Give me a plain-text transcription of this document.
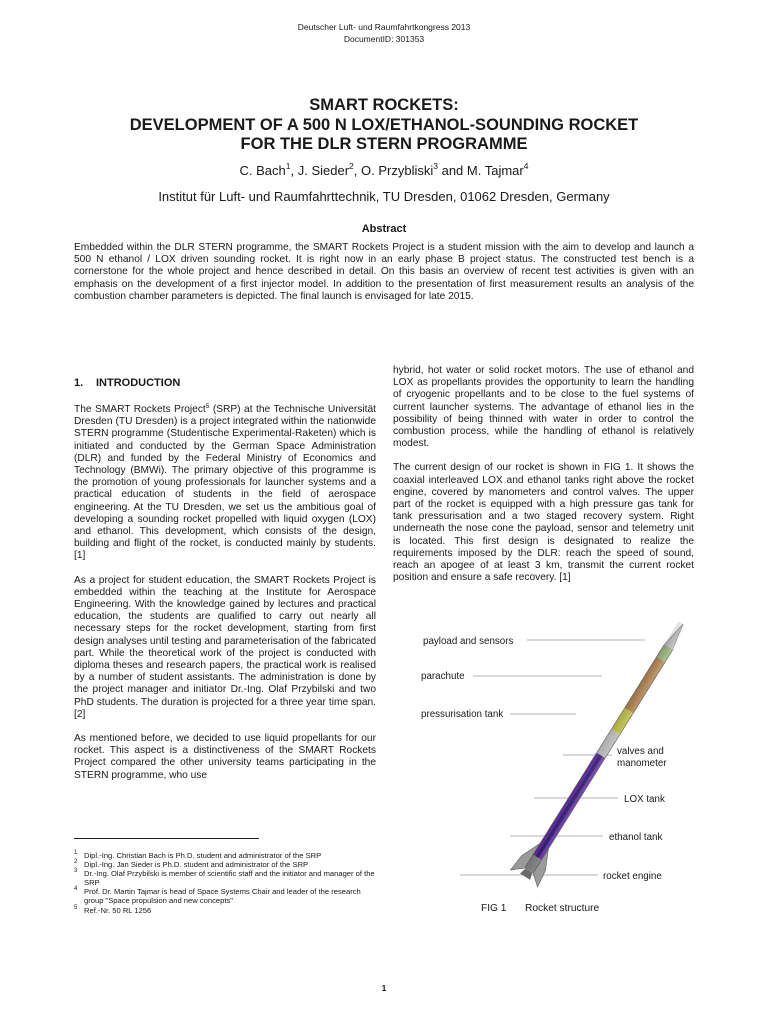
Deutscher Luft- und Raumfahrtkongress 2013
DocumentID: 301353
SMART ROCKETS:
DEVELOPMENT OF A 500 N LOX/ETHANOL-SOUNDING ROCKET
FOR THE DLR STERN PROGRAMME
C. Bach$^1$, J. Sieder$^2$, O. Przybliski$^3$ and M. Tajmar$^4$
Institut für Luft- und Raumfahrttechnik, TU Dresden, 01062 Dresden, Germany
Abstract
Embedded within the DLR STERN programme, the SMART Rockets Project is a student mission with the aim to develop and launch a 500 N ethanol / LOX driven sounding rocket. It is right now in an early phase B project status. The constructed test bench is a cornerstone for the whole project and hence described in detail. On this basis an overview of recent test activities is given with an emphasis on the development of a first injector model. In addition to the presentation of first measurement results an analysis of the combustion chamber parameters is depicted. The final launch is envisaged for late 2015.
1. INTRODUCTION

The SMART Rockets Project$^5$ (SRP) at the Technische Universität Dresden (TU Dresden) is a project integrated within the nationwide STERN programme (Studentische Experimental-Raketen) which is initiated and conducted by the German Space Administration (DLR) and funded by the Federal Ministry of Economics and Technology (BMWi). The primary objective of this programme is the promotion of young professionals for launcher systems and a practical education of students in the field of aerospace engineering. At the TU Dresden, we set us the ambitious goal of developing a sounding rocket propelled with liquid oxygen (LOX) and ethanol. This development, which consists of the design, building and flight of the rocket, is conducted mainly by students. [1]

As a project for student education, the SMART Rockets Project is embedded within the teaching at the Institute for Aerospace Engineering. With the knowledge gained by lectures and practical education, the students are qualified to carry out nearly all necessary steps for the rocket development, starting from first design analyses until testing and parameterisation of the fabricated part. While the theoretical work of the project is conducted with diploma theses and research papers, the practical work is realised by a number of student assistants. The administration is done by the project manager and initiator Dr.-Ing. Olaf Przybilski and two PhD students. The duration is projected for a three year time span. [2]

As mentioned before, we decided to use liquid propellants for our rocket. This aspect is a distinctiveness of the SMART Rockets Project compared the other university teams participating in the STERN programme, who use

hybrid, hot water or solid rocket motors. The use of ethanol and LOX as propellants provides the opportunity to learn the handling of cryogenic propellants and to be close to the fuel systems of current launcher systems. The advantage of ethanol lies in the possibility of being thinned with water in order to control the combustion process, while the handling of ethanol is relatively modest.

The current design of our rocket is shown in FIG 1. It shows the coaxial interleaved LOX and ethanol tanks right above the rocket engine, covered by manometers and control valves. The upper part of the rocket is equipped with a high pressure gas tank for tank pressurisation and a two staged recovery system. Right underneath the nose cone the payload, sensor and telemetry unit is located. This first design is designated to realize the requirements imposed by the DLR: reach the speed of sound, reach an apogee of at least 3 km, transmit the current rocket position and ensure a safe recovery. [1]

payload and sensors
parachute
pressurisation tank
valves and
manometer
LOX tank
ethanol tank
rocket engine
FIG 1 Rocket structure
1 Dipl.-Ing. Christian Bach is Ph.D. student and administrator of the SRP
2 Dipl.-Ing. Jan Sieder is Ph.D. student and administrator of the SRP
3 Dr.-Ing. Olaf Przybilski is member of scientific staff and the initiator and manager of the SRP
4 Prof. Dr. Martin Tajmar is head of Space Systems Chair and leader of the research group "Space propulsion and new concepts"
5 Ref.-Nr. 50 RL 1256
1
